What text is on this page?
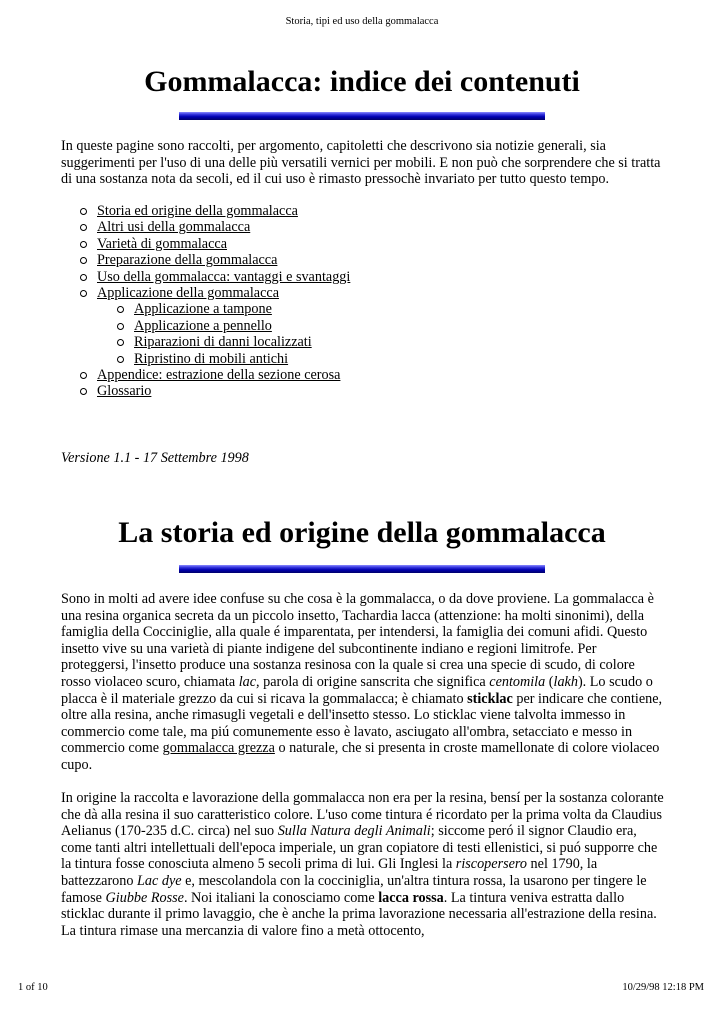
Storia, tipi ed uso della gommalacca
Gommalacca: indice dei contenuti

In queste pagine sono raccolti, per argomento, capitoletti che descrivono sia notizie generali, sia suggerimenti per l'uso di una delle più versatili vernici per mobili. E non può che sorprendere che si tratta di una sostanza nota da secoli, ed il cui uso è rimasto pressochè invariato per tutto questo tempo.

Storia ed origine della gommalacca
Altri usi della gommalacca
Varietà di gommalacca
Preparazione della gommalacca
Uso della gommalacca: vantaggi e svantaggi
Applicazione della gommalacca
Applicazione a tampone
Applicazione a pennello
Riparazioni di danni localizzati
Ripristino di mobili antichi
Appendice: estrazione della sezione cerosa
Glossario

Versione 1.1 - 17 Settembre 1998

La storia ed origine della gommalacca

Sono in molti ad avere idee confuse su che cosa è la gommalacca, o da dove proviene. La gommalacca è una resina organica secreta da un piccolo insetto, Tachardia lacca (attenzione: ha molti sinonimi), della famiglia della Cocciniglie, alla quale é imparentata, per intendersi, la famiglia dei comuni afidi. Questo insetto vive su una varietà di piante indigene del subcontinente indiano e regioni limitrofe. Per proteggersi, l'insetto produce una sostanza resinosa con la quale si crea una specie di scudo, di colore rosso violaceo scuro, chiamata lac, parola di origine sanscrita che significa centomila (lakh). Lo scudo o placca è il materiale grezzo da cui si ricava la gommalacca; è chiamato sticklac per indicare che contiene, oltre alla resina, anche rimasugli vegetali e dell'insetto stesso. Lo sticklac viene talvolta immesso in commercio come tale, ma piú comunemente esso è lavato, asciugato all'ombra, setacciato e messo in commercio come gommalacca grezza o naturale, che si presenta in croste mamellonate di colore violaceo cupo.

In origine la raccolta e lavorazione della gommalacca non era per la resina, bensí per la sostanza colorante che dà alla resina il suo caratteristico colore. L'uso come tintura é ricordato per la prima volta da Claudius Aelianus (170-235 d.C. circa) nel suo Sulla Natura degli Animali; siccome peró il signor Claudio era, come tanti altri intellettuali dell'epoca imperiale, un gran copiatore di testi ellenistici, si puó supporre che la tintura fosse conosciuta almeno 5 secoli prima di lui. Gli Inglesi la riscopersero nel 1790, la battezzarono Lac dye e, mescolandola con la cocciniglia, un'altra tintura rossa, la usarono per tingere le famose Giubbe Rosse. Noi italiani la conosciamo come lacca rossa. La tintura veniva estratta dallo sticklac durante il primo lavaggio, che è anche la prima lavorazione necessaria all'estrazione della resina. La tintura rimase una mercanzia di valore fino a metà ottocento,

1 of 10	10/29/98 12:18 PM
